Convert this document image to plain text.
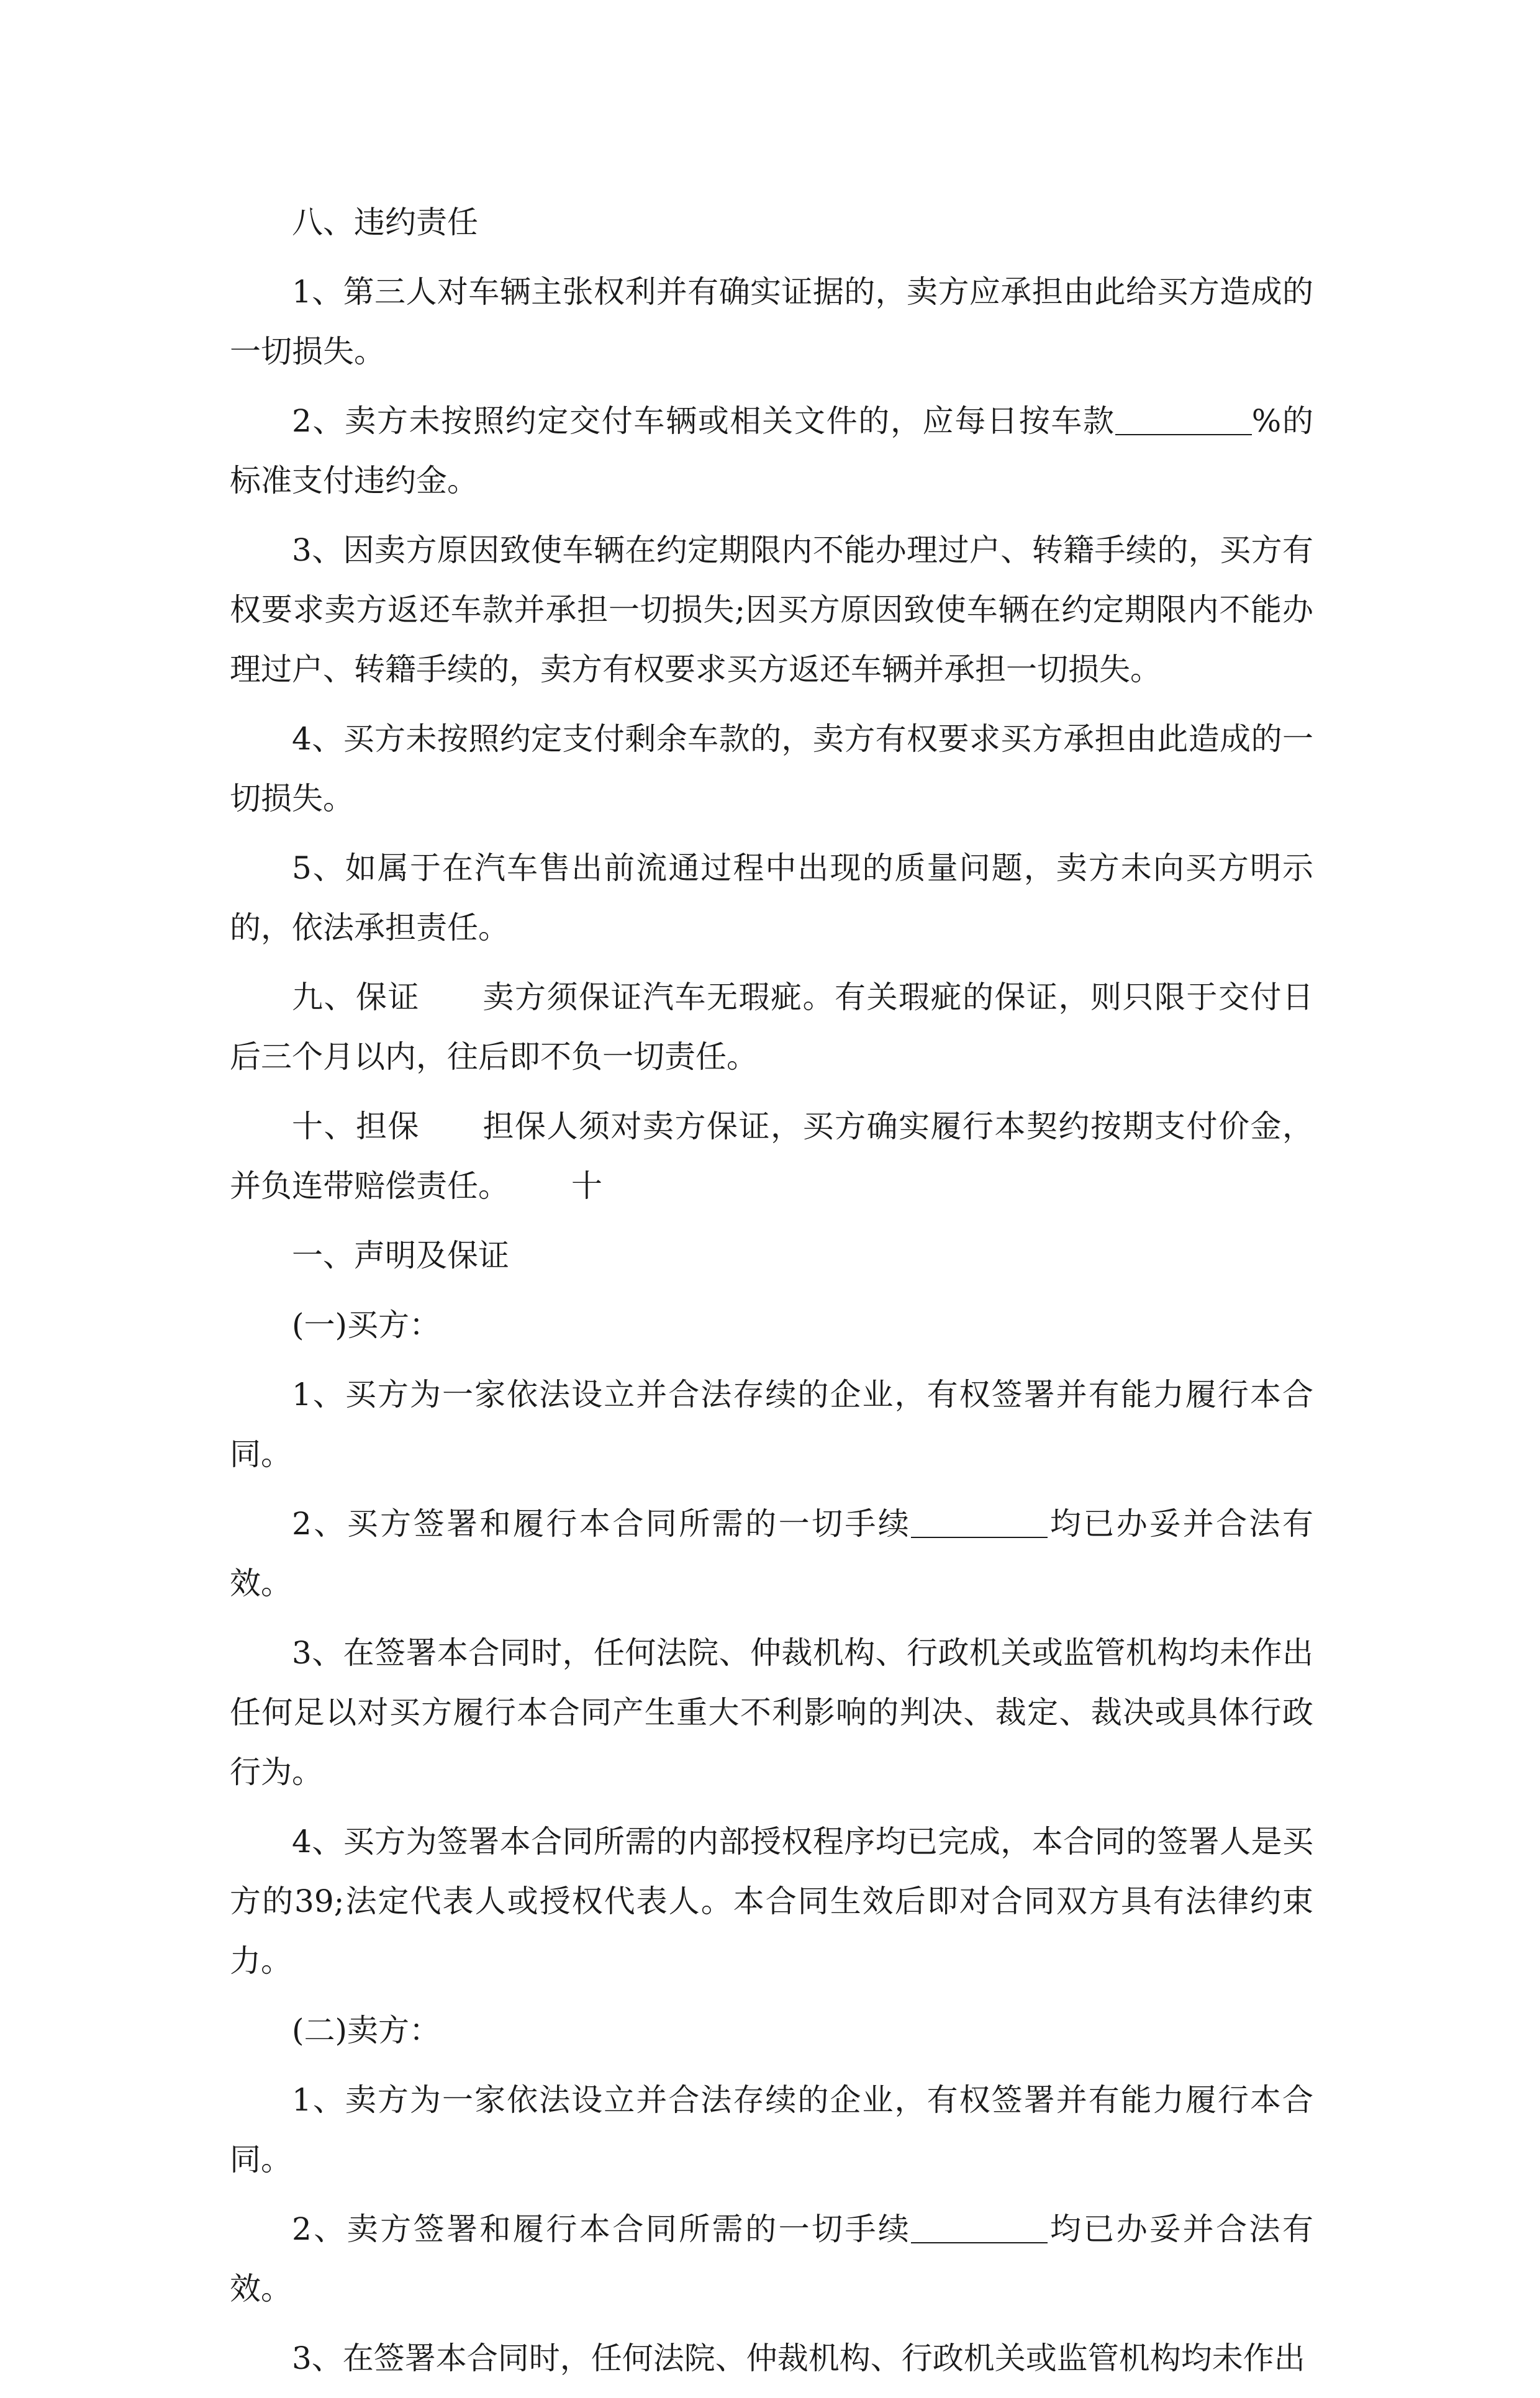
八、违约责任

1、第三人对车辆主张权利并有确实证据的，卖方应承担由此给买方造成的一切损失。

2、卖方未按照约定交付车辆或相关文件的，应每日按车款	%的标准支付违约金。

3、因卖方原因致使车辆在约定期限内不能办理过户、转籍手续的，买方有权要求卖方返还车款并承担一切损失;因买方原因致使车辆在约定期限内不能办理过户、转籍手续的，卖方有权要求买方返还车辆并承担一切损失。

4、买方未按照约定支付剩余车款的，卖方有权要求买方承担由此造成的一切损失。

5、如属于在汽车售出前流通过程中出现的质量问题，卖方未向买方明示的，依法承担责任。

九、保证 卖方须保证汽车无瑕疵。有关瑕疵的保证，则只限于交付日后三个月以内，往后即不负一切责任。

十、担保 担保人须对卖方保证，买方确实履行本契约按期支付价金，并负连带赔偿责任。 十

一、声明及保证

(一)买方：

1、买方为一家依法设立并合法存续的企业，有权签署并有能力履行本合同。

2、买方签署和履行本合同所需的一切手续	均已办妥并合法有效。

3、在签署本合同时，任何法院、仲裁机构、行政机关或监管机构均未作出任何足以对买方履行本合同产生重大不利影响的判决、裁定、裁决或具体行政行为。

4、买方为签署本合同所需的内部授权程序均已完成，本合同的签署人是买方的39;法定代表人或授权代表人。本合同生效后即对合同双方具有法律约束力。

(二)卖方：

1、卖方为一家依法设立并合法存续的企业，有权签署并有能力履行本合同。

2、卖方签署和履行本合同所需的一切手续	均已办妥并合法有效。

3、在签署本合同时，任何法院、仲裁机构、行政机关或监管机构均未作出
